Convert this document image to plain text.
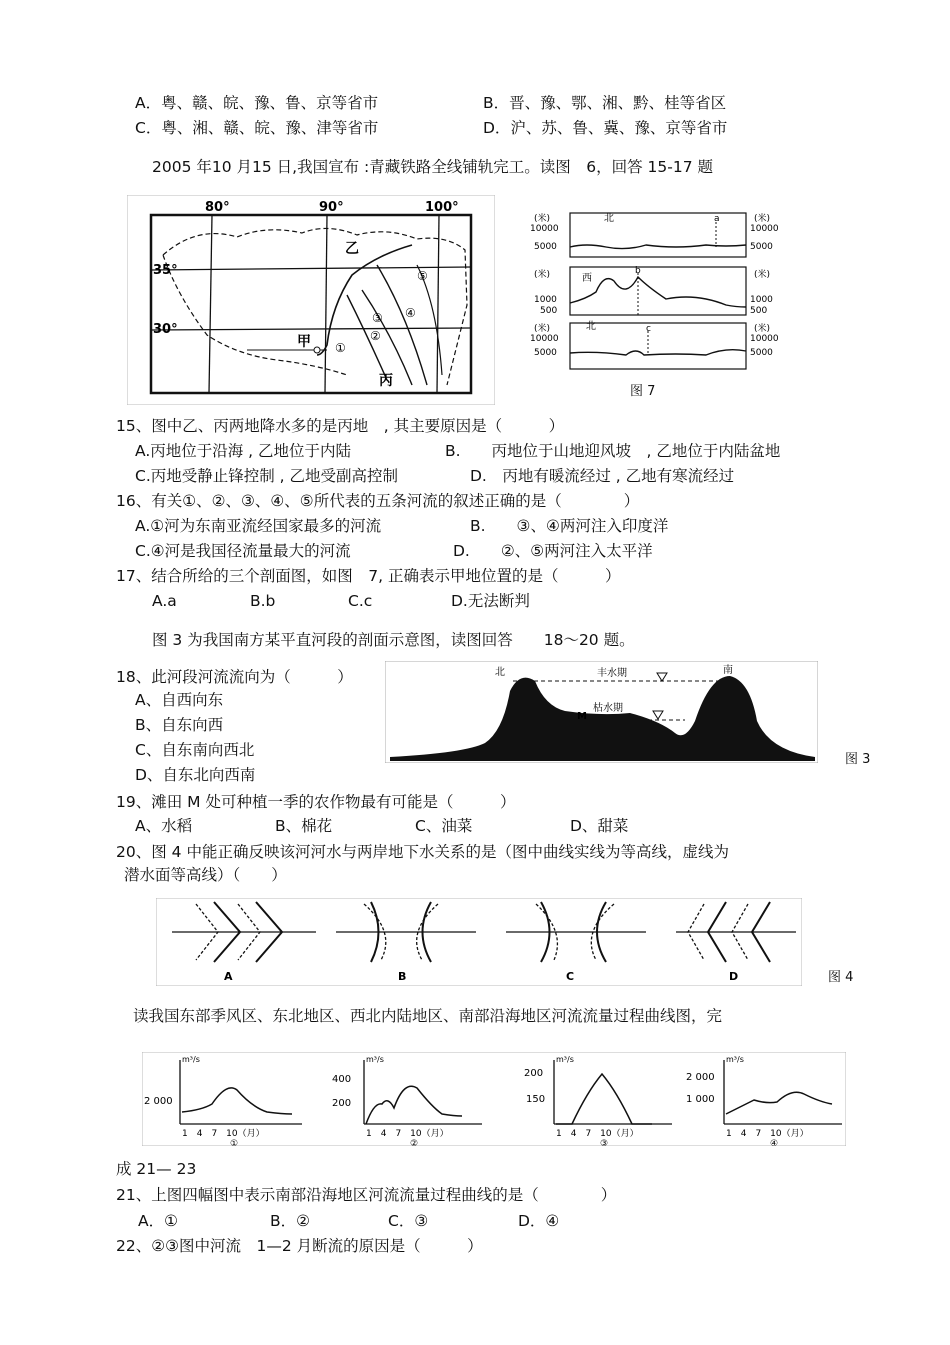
A．粤、赣、皖、豫、鲁、京等省市	B．晋、豫、鄂、湘、黔、桂等省区
C．粤、湘、赣、皖、豫、津等省市	D．沪、苏、鲁、冀、豫、京等省市
2005 年10 月15 日,我国宣布 :青藏铁路全线铺轨完工。读图　6，回答 15-17 题
80°	90°	100°
35°
30°
乙
甲
丙
①
②
③ ④
⑤
(米)	(米)
北	a
10000
5000
10000
5000
(米)	(米)
西
b
1000
500
1000
500
(米)	(米)
北	c
10000
5000
10000
5000
图 7
15、图中乙、丙两地降水多的是丙地　, 其主要原因是（　　　）
A.丙地位于沿海 , 乙地位于内陆	B.　　丙地位于山地迎风坡　, 乙地位于内陆盆地
C.丙地受静止锋控制 , 乙地受副高控制	D.　丙地有暖流经过 , 乙地有寒流经过
16、有关①、②、③、④、⑤所代表的五条河流的叙述正确的是（　　　　）
A.①河为东南亚流经国家最多的河流	B.　　③、④两河注入印度洋
C.④河是我国径流量最大的河流	D.　　②、⑤两河注入太平洋
17、结合所给的三个剖面图，如图　7, 正确表示甲地位置的是（　　　）
A.a	B.b	C.c	D.无法断判
图 3 为我国南方某平直河段的剖面示意图，读图回答　　18～20 题。
18、此河段河流流向为（　　　）
A、自西向东
B、自东向西
C、自东南向西北
D、自东北向西南
北	南
丰水期
枯水期
M
图 3
19、滩田 M 处可种植一季的农作物最有可能是（　　　）
A、水稻	B、棉花	C、油菜	D、甜菜
20、图 4 中能正确反映该河河水与两岸地下水关系的是（图中曲线实线为等高线，虚线为
潜水面等高线）（　　）
A	B	C	D	图 4
读我国东部季风区、东北地区、西北内陆地区、南部沿海地区河流流量过程曲线图，完
m³/s
2 000
1　4　7　10（月）
①
m³/s
400
200
1　4　7　10（月）
②
m³/s
200
150
1　4　7　10（月）
③
m³/s
2 000
1 000
1　4　7　10（月）
④
成 21— 23
21、上图四幅图中表示南部沿海地区河流流量过程曲线的是（　　　　）
A．①	B．②	C．③	D．④
22、②③图中河流　1—2 月断流的原因是（　　　）
